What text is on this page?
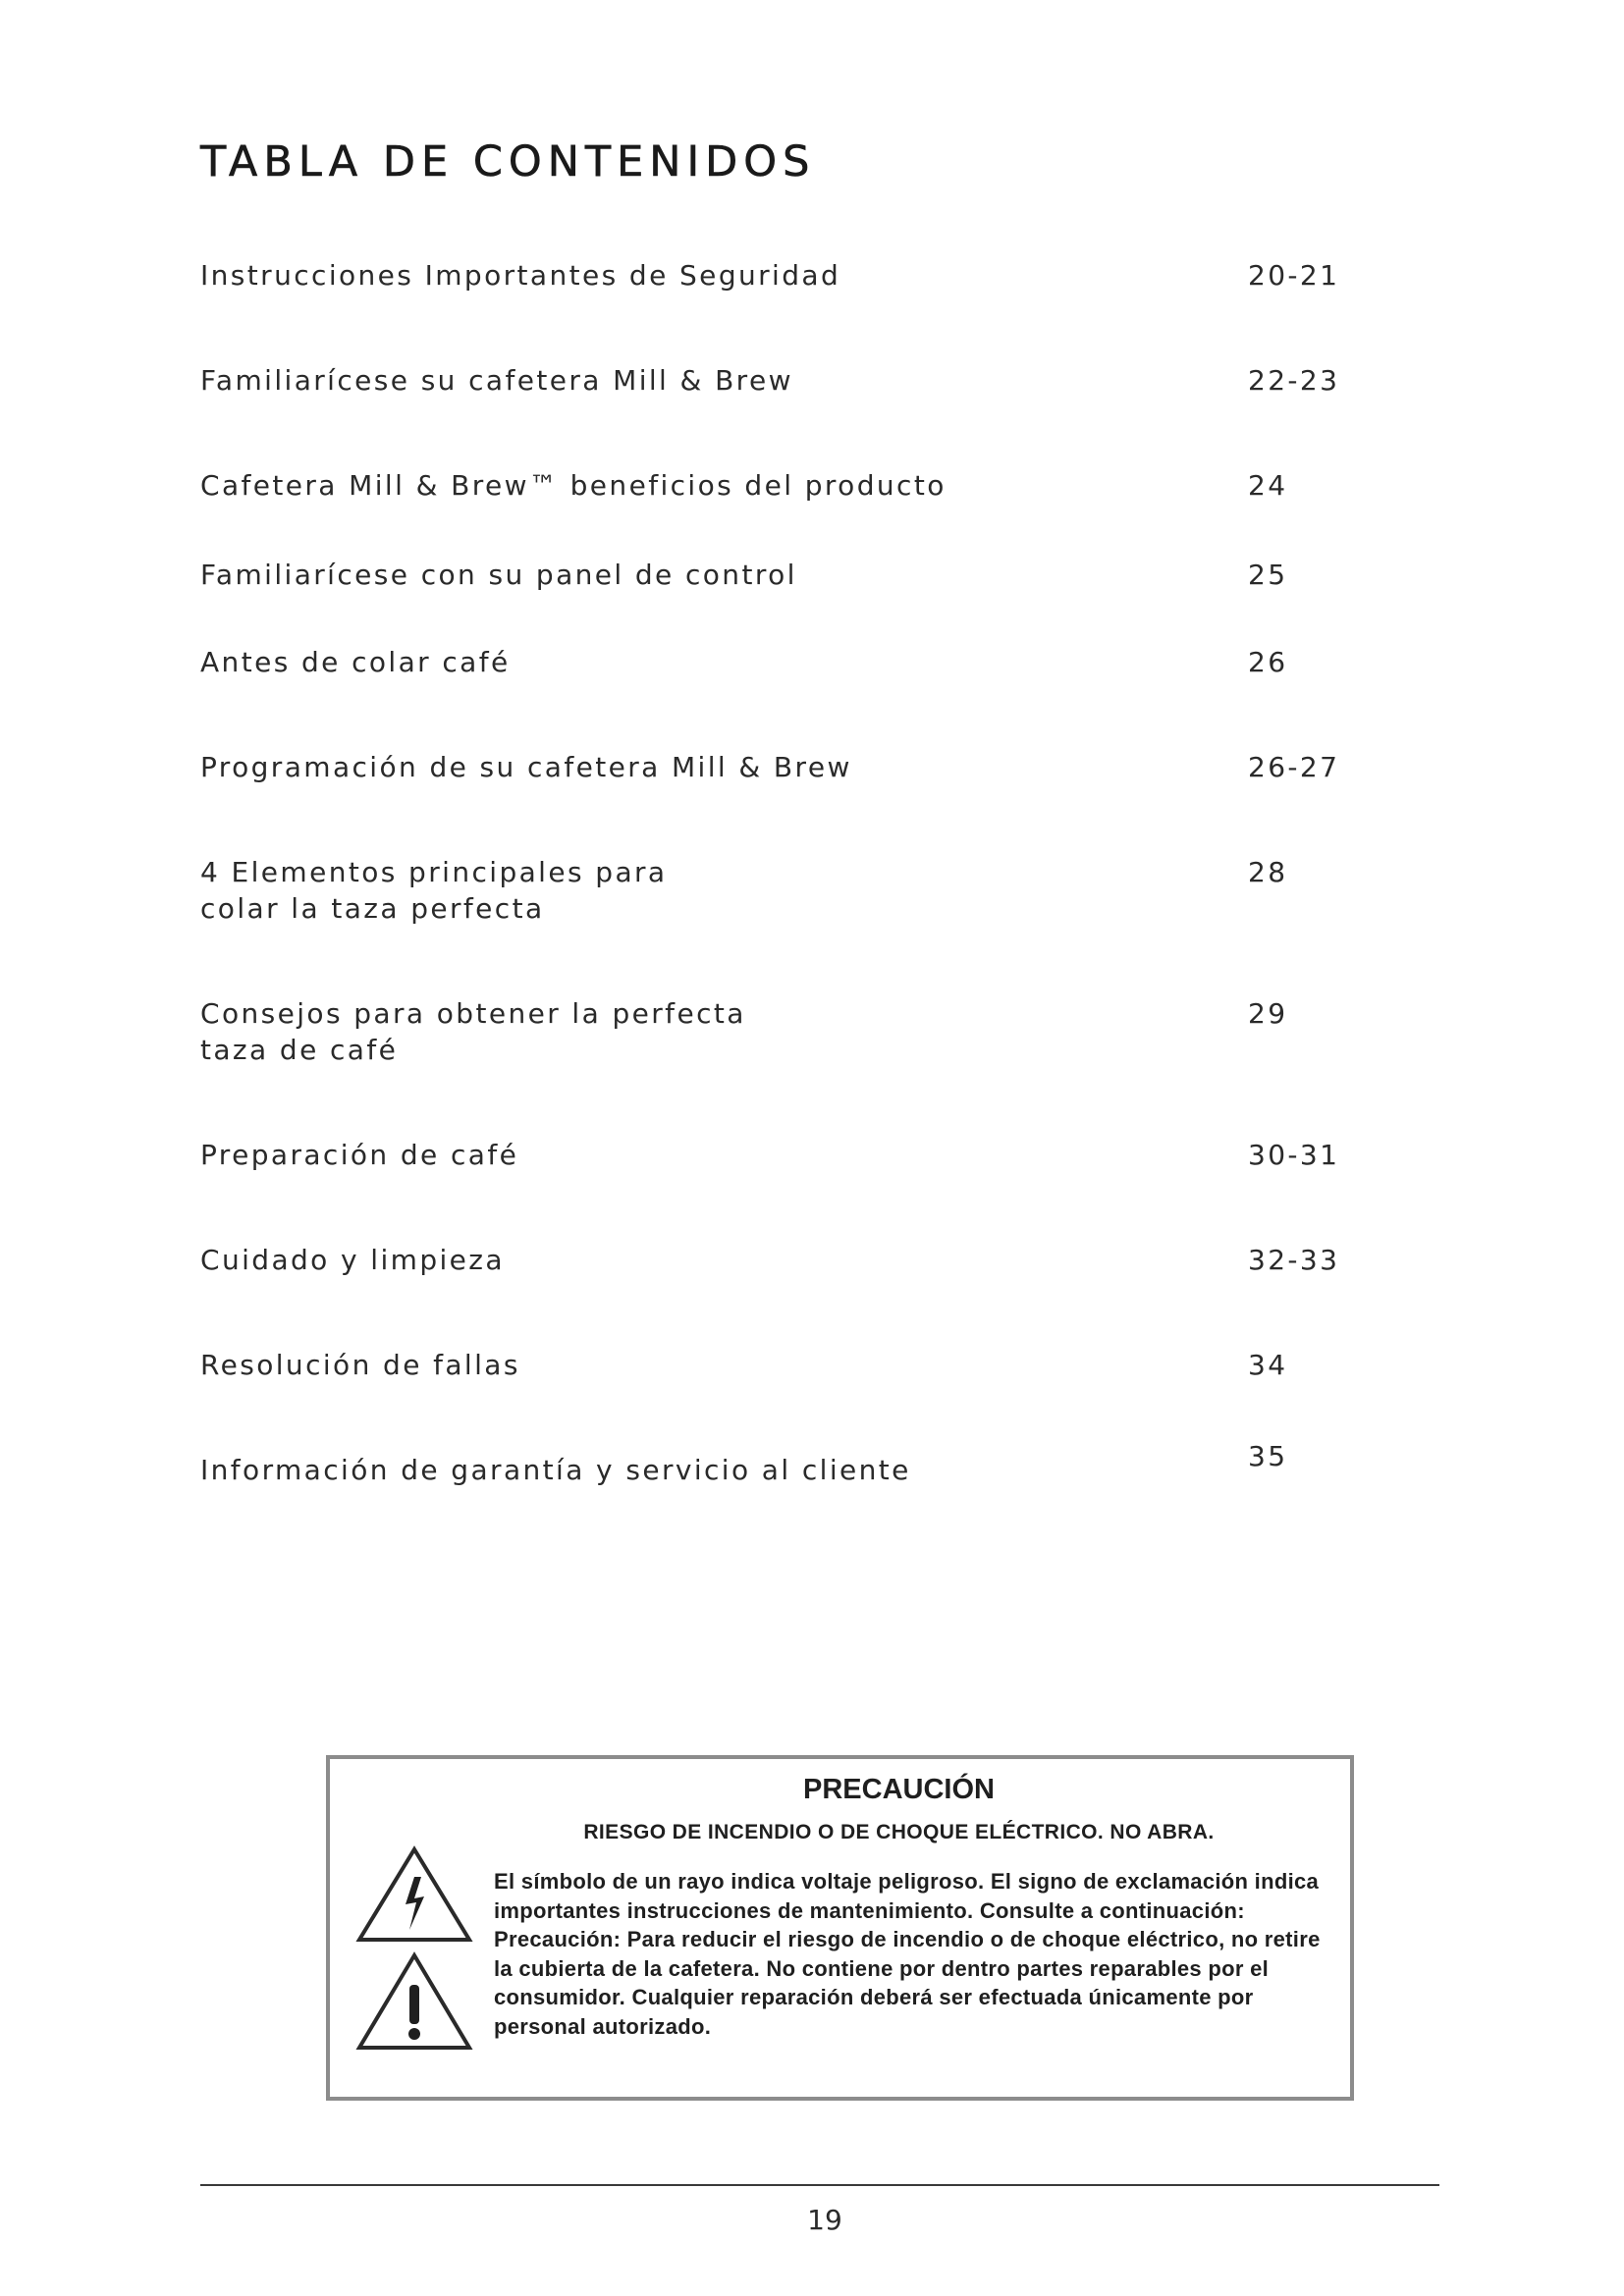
TABLA DE CONTENIDOS
Instrucciones Importantes de Seguridad	20-21
Familiarícese su cafetera Mill & Brew	22-23
Cafetera Mill & Brew™ beneficios del producto	24
Familiarícese con su panel de control	25
Antes de colar café	26
Programación de su cafetera Mill & Brew	26-27
4 Elementos principales para
colar la taza perfecta
28
Consejos para obtener la perfecta
taza de café
29
Preparación de café	30-31
Cuidado y limpieza	32-33
Resolución de fallas	34
Información de garantía y servicio al cliente	35
PRECAUCIÓN
RIESGO DE INCENDIO O DE CHOQUE ELÉCTRICO. NO ABRA.

El símbolo de un rayo indica voltaje peligroso. El signo de exclamación indica importantes instrucciones de mantenimiento. Consulte a continuación:

Precaución: Para reducir el riesgo de incendio o de choque eléctrico, no retire la cubierta de la cafetera. No contiene por dentro partes reparables por el consumidor. Cualquier reparación deberá ser efectuada únicamente por personal autorizado.

19
